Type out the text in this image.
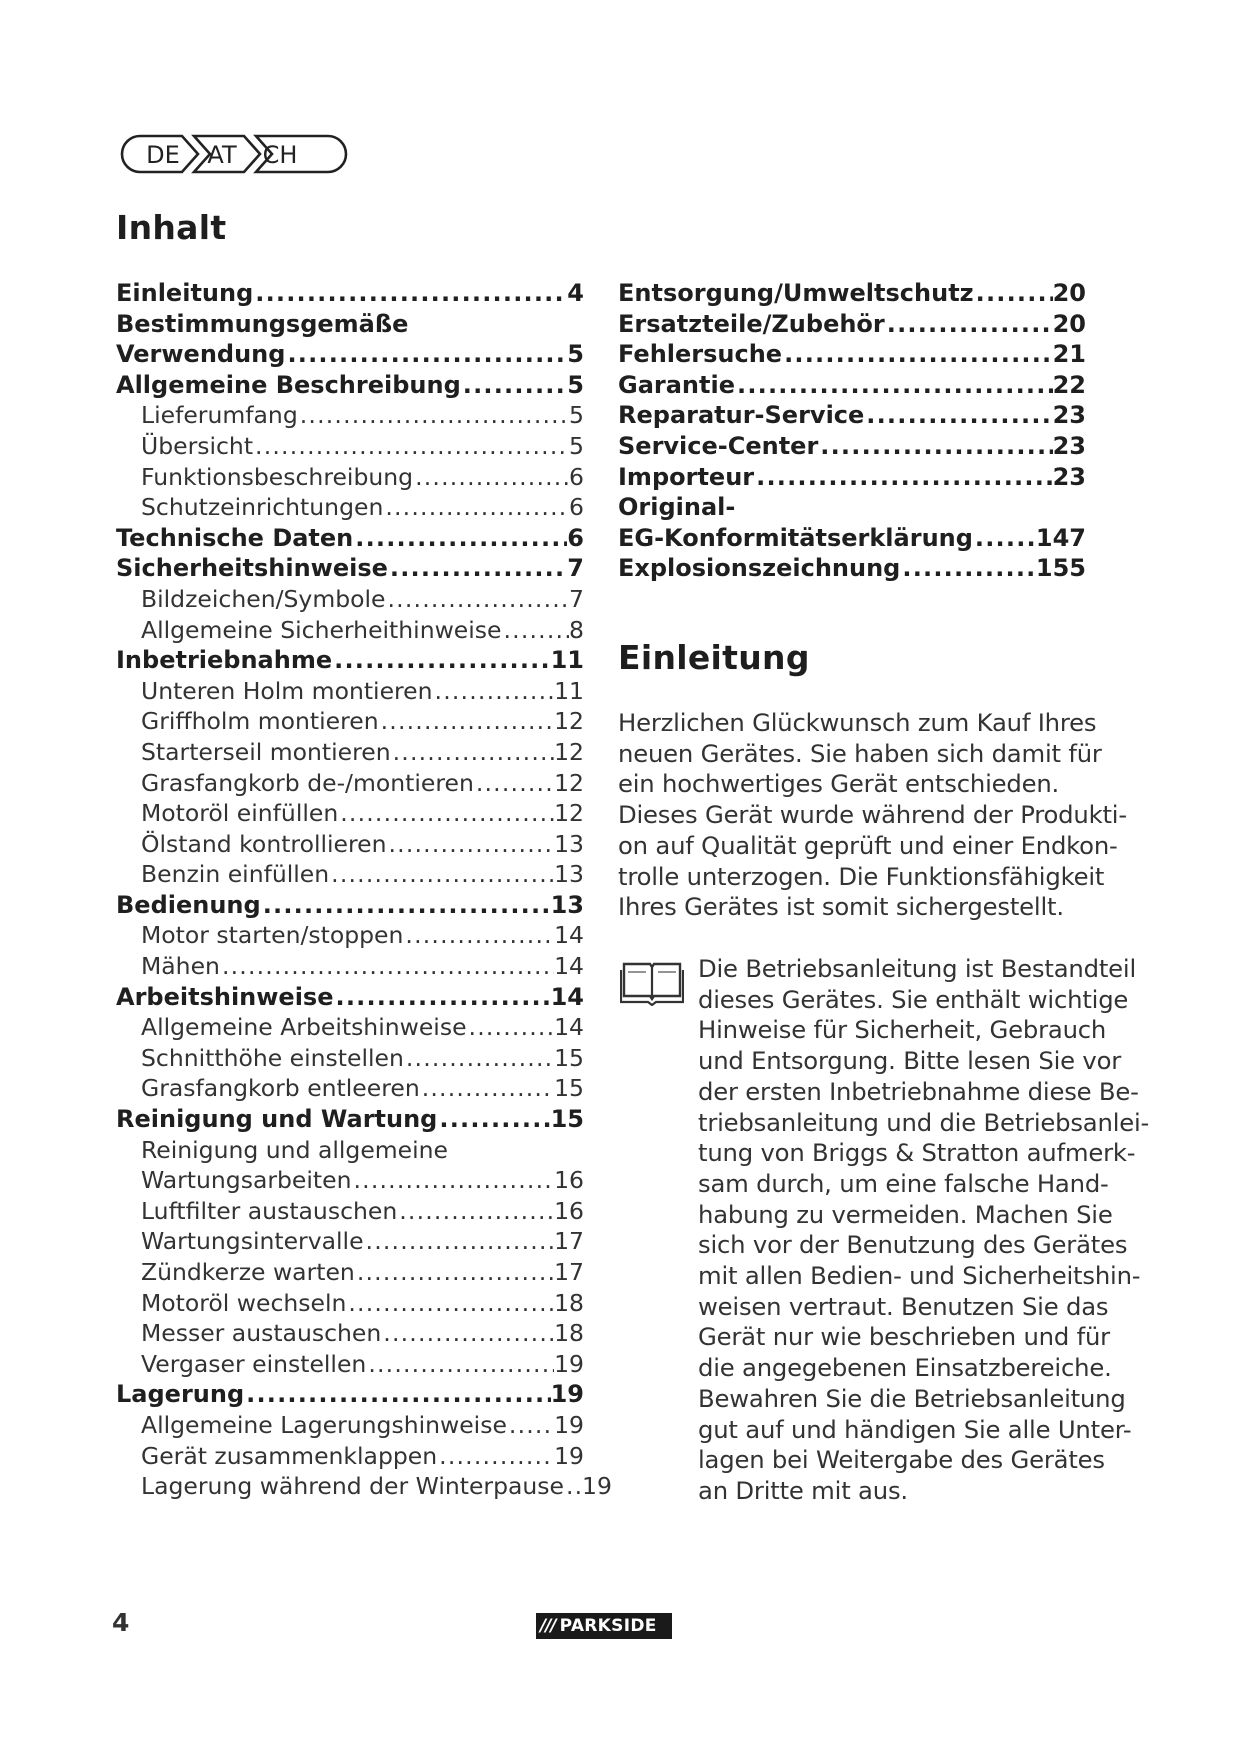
DE AT CH
Inhalt
Einleitung .....	4
Bestimmungsgemäße
Verwendung .....	5
Allgemeine Beschreibung .....	5
Lieferumfang .....	5
Übersicht .....	5
Funktionsbeschreibung .....	6
Schutzeinrichtungen .....	6
Technische Daten .....	6
Sicherheitshinweise .....	7
Bildzeichen/Symbole .....	7
Allgemeine Sicherheithinweise .....	8
Inbetriebnahme .....	11
Unteren Holm montieren .....	11
Griffholm montieren .....	12
Starterseil montieren .....	12
Grasfangkorb de-/montieren .....	12
Motoröl einfüllen .....	12
Ölstand kontrollieren .....	13
Benzin einfüllen .....	13
Bedienung .....	13
Motor starten/stoppen .....	14
Mähen .....	14
Arbeitshinweise .....	14
Allgemeine Arbeitshinweise .....	14
Schnitthöhe einstellen .....	15
Grasfangkorb entleeren .....	15
Reinigung und Wartung .....	15
Reinigung und allgemeine
Wartungsarbeiten .....	16
Luftfilter austauschen .....	16
Wartungsintervalle .....	17
Zündkerze warten .....	17
Motoröl wechseln .....	18
Messer austauschen .....	18
Vergaser einstellen .....	19
Lagerung .....	19
Allgemeine Lagerungshinweise ..... 19
Gerät zusammenklappen .....	19
Lagerung während der Winterpause ..... 19
Entsorgung/Umweltschutz .....	20
Ersatzteile/Zubehör .....	20
Fehlersuche .....	21
Garantie .....	22
Reparatur-Service .....	23
Service-Center .....	23
Importeur .....	23
Original-
EG-Konformitätserklärung .....	147
Explosionszeichnung .....	155
Einleitung

Herzlichen Glückwunsch zum Kauf Ihres
neuen Gerätes. Sie haben sich damit für
ein hochwertiges Gerät entschieden.
Dieses Gerät wurde während der Produkti-
on auf Qualität geprüft und einer Endkon-
trolle unterzogen. Die Funktionsfähigkeit
Ihres Gerätes ist somit sichergestellt.

Die Betriebsanleitung ist Bestandteil
dieses Gerätes. Sie enthält wichtige
Hinweise für Sicherheit, Gebrauch
und Entsorgung. Bitte lesen Sie vor
der ersten Inbetriebnahme diese Be-
triebsanleitung und die Betriebsanlei-
tung von Briggs & Stratton aufmerk-
sam durch, um eine falsche Hand-
habung zu vermeiden. Machen Sie
sich vor der Benutzung des Gerätes
mit allen Bedien- und Sicherheitshin-
weisen vertraut. Benutzen Sie das
Gerät nur wie beschrieben und für
die angegebenen Einsatzbereiche.
Bewahren Sie die Betriebsanleitung
gut auf und händigen Sie alle Unter-
lagen bei Weitergabe des Gerätes
an Dritte mit aus.

4	/// PARKSIDE
